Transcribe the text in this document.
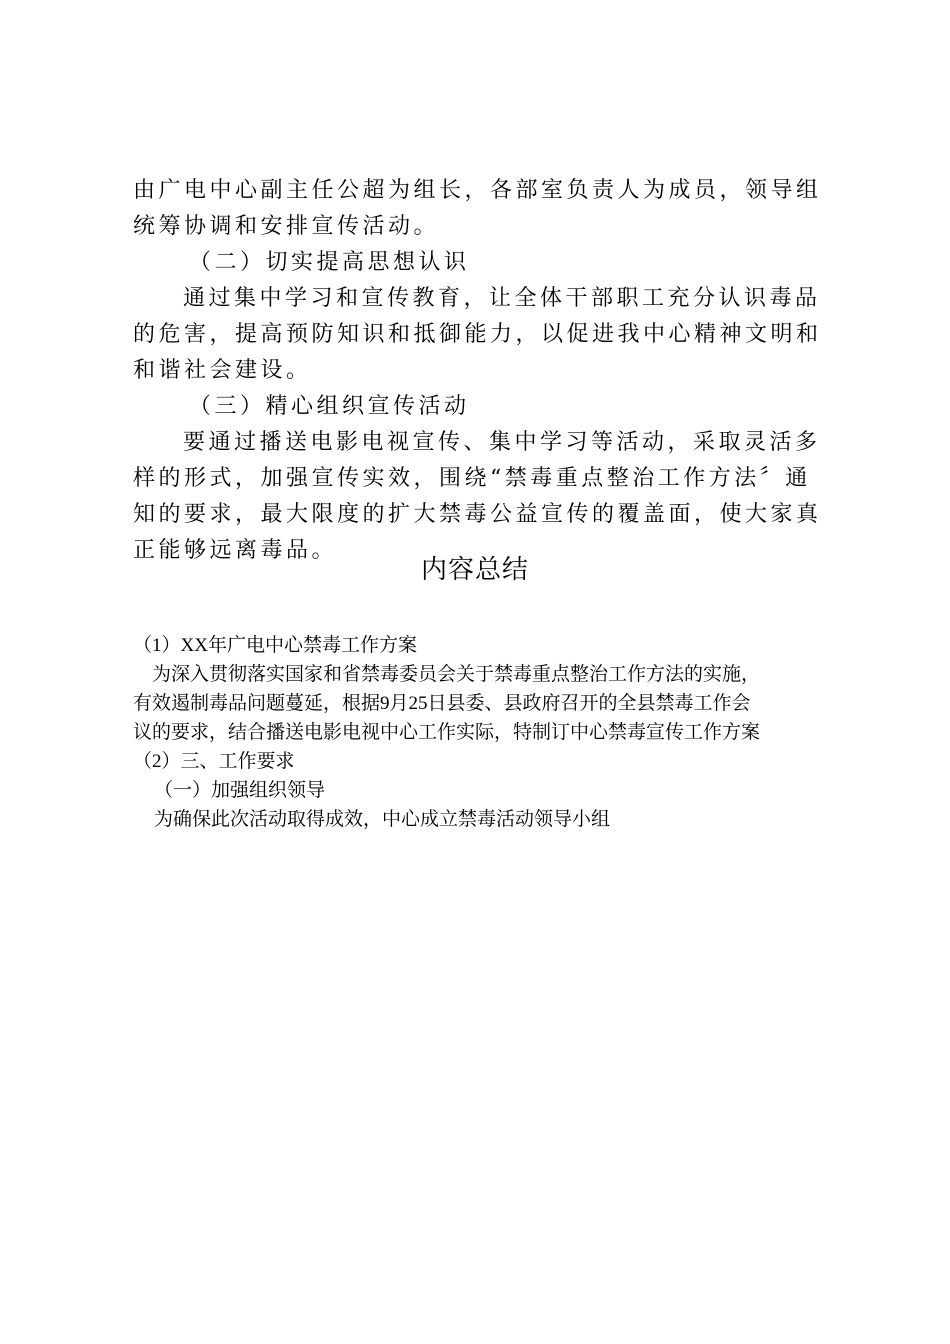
由广电中心副主任公超为组长，各部室负责人为成员，领导组

统筹协调和安排宣传活动。

（二）切实提高思想认识

通过集中学习和宣传教育，让全体干部职工充分认识毒品

的危害，提高预防知识和抵御能力，以促进我中心精神文明和

和谐社会建设。

（三）精心组织宣传活动

要通过播送电影电视宣传、集中学习等活动，采取灵活多

样的形式，加强宣传实效，围绕“禁毒重点整治工作方法〞通

知的要求，最大限度的扩大禁毒公益宣传的覆盖面，使大家真

正能够远离毒品。

内容总结

（1）XX年广电中心禁毒工作方案

为深入贯彻落实国家和省禁毒委员会关于禁毒重点整治工作方法的实施，

有效遏制毒品问题蔓延，根据9月25日县委、县政府召开的全县禁毒工作会

议的要求，结合播送电影电视中心工作实际，特制订中心禁毒宣传工作方案

（2）三、工作要求

（一）加强组织领导

为确保此次活动取得成效，中心成立禁毒活动领导小组
